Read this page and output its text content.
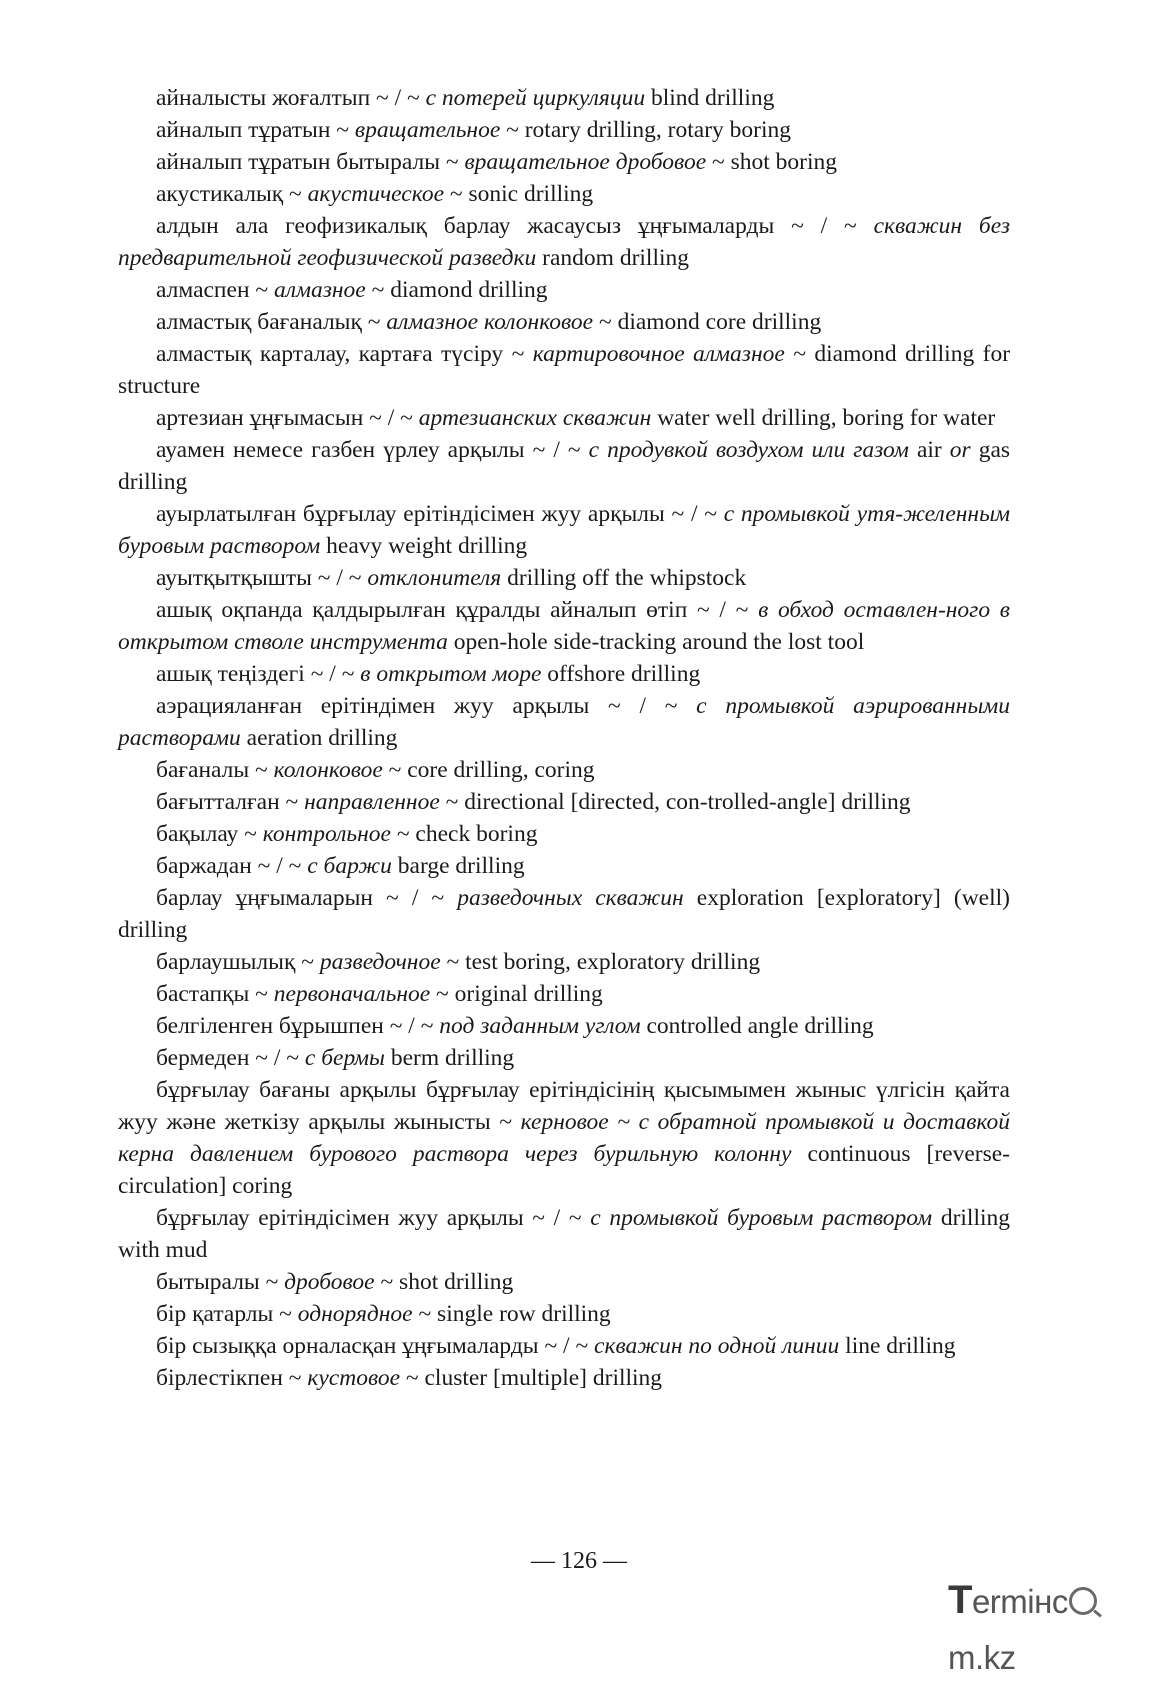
айналысты жоғалтып ~ / ~ с потерей циркуляции blind drilling
айналып тұратын ~ вращательное ~ rotary drilling, rotary boring
айналып тұратын бытыралы ~ вращательное дробовое ~ shot boring
акустикалық ~ акустическое ~ sonic drilling
алдын ала геофизикалық барлау жасаусыз ұңғымаларды ~ / ~ скважин без предварительной геофизической разведки random drilling
алмаспен ~ алмазное ~ diamond drilling
алмастық бағаналық ~ алмазное колонковое ~ diamond core drilling
алмастық карталау, картаға түсіру ~ картировочное алмазное ~ diamond drilling for structure
артезиан ұңғымасын ~ / ~ артезианских скважин water well drilling, boring for water
ауамен немесе газбен үрлеу арқылы ~ / ~ с продувкой воздухом или газом air or gas drilling
ауырлатылған бұрғылау ерітіндісімен жуу арқылы ~ / ~ с промывкой утя-желенным буровым раствором heavy weight drilling
ауытқытқышты ~ / ~ отклонителя drilling off the whipstock
ашық оқпанда қалдырылған құралды айналып өтіп ~ / ~ в обход оставлен-ного в открытом стволе инструмента open-hole side-tracking around the lost tool
ашық теңіздегі ~ / ~ в открытом море offshore drilling
аэрацияланған ерітіндімен жуу арқылы ~ / ~ с промывкой аэрированными растворами aeration drilling
бағаналы ~ колонковое ~ core drilling, coring
бағытталған ~ направленное ~ directional [directed, con-trolled-angle] drilling
бақылау ~ контрольное ~ check boring
баржадан ~ / ~ с баржи barge drilling
барлау ұңғымаларын ~ / ~ разведочных скважин exploration [exploratory] (well) drilling
барлаушылық ~ разведочное ~ test boring, exploratory drilling
бастапқы ~ первоначальное ~ original drilling
белгіленген бұрышпен ~ / ~ под заданным углом controlled angle drilling
бермеден ~ / ~ с бермы berm drilling
бұрғылау бағаны арқылы бұрғылау ерітіндісінің қысымымен жыныс үлгісін қайта жуу және жеткізу арқылы жынысты ~ керновое ~ с обратной промывкой и доставкой керна давлением бурового раствора через бурильную колонну continuous [reverse-circulation] coring
бұрғылау ерітіндісімен жуу арқылы ~ / ~ с промывкой буровым раствором drilling with mud
бытыралы ~ дробовое ~ shot drilling
бір қатарлы ~ однорядное ~ single row drilling
бір сызыққа орналасқан ұңғымаларды ~ / ~ скважин по одной линии line drilling
бірлестікпен ~ кустовое ~ cluster [multiple] drilling
— 126 —
Termінcm.kz
